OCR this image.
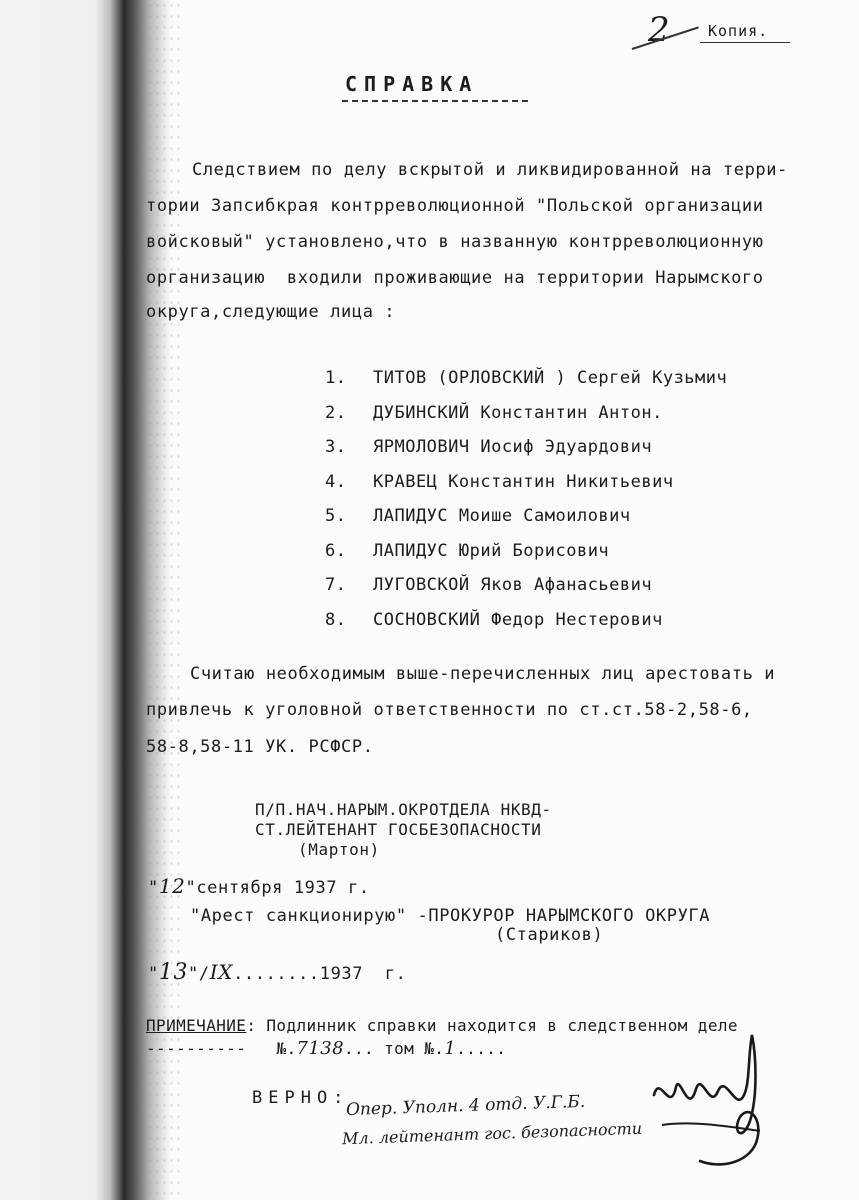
2	Копия.
СПРАВКА
Следствием по делу вскрытой и ликвидированной на терри-
тории Запсибкрая контрреволюционной "Польской организации
войсковый" установлено,что в названную контрреволюционную
организацию  входили проживающие на территории Нарымского
округа,следующие лица :
1.	ТИТОВ (ОРЛОВСКИЙ ) Сергей Кузьмич
2.	ДУБИНСКИЙ Константин Антон.
3.	ЯРМОЛОВИЧ Иосиф Эдуардович
4.	КРАВЕЦ Константин Никитьевич
5.	ЛАПИДУС Моише Самоилович
6.	ЛАПИДУС Юрий Борисович
7.	ЛУГОВСКОЙ Яков Афанасьевич
8.	СОСНОВСКИЙ Федор Нестерович
Считаю необходимым выше-перечисленных лиц арестовать и
привлечь к уголовной ответственности по ст.ст.58-2,58-6,
58-8,58-11 УК. РСФСР.
П/П.НАЧ.НАРЫМ.ОКРОТДЕЛА НКВД-
СТ.ЛЕЙТЕНАНТ ГОСБЕЗОПАСНОСТИ
(Мартон)
"12"сентября 1937 г.
"Арест санкционирую" -ПРОКУРОР НАРЫМСКОГО ОКРУГА
(Стариков)
"13"/IX........1937  г.
ПРИМЕЧАНИЕ: Подлинник справки находится в следственном деле
---------- №.7138... том №.1.....
ВЕРНО:
Опер. Уполн. 4 отд. У.Г.Б.
Мл. лейтенант гос. безопасности
